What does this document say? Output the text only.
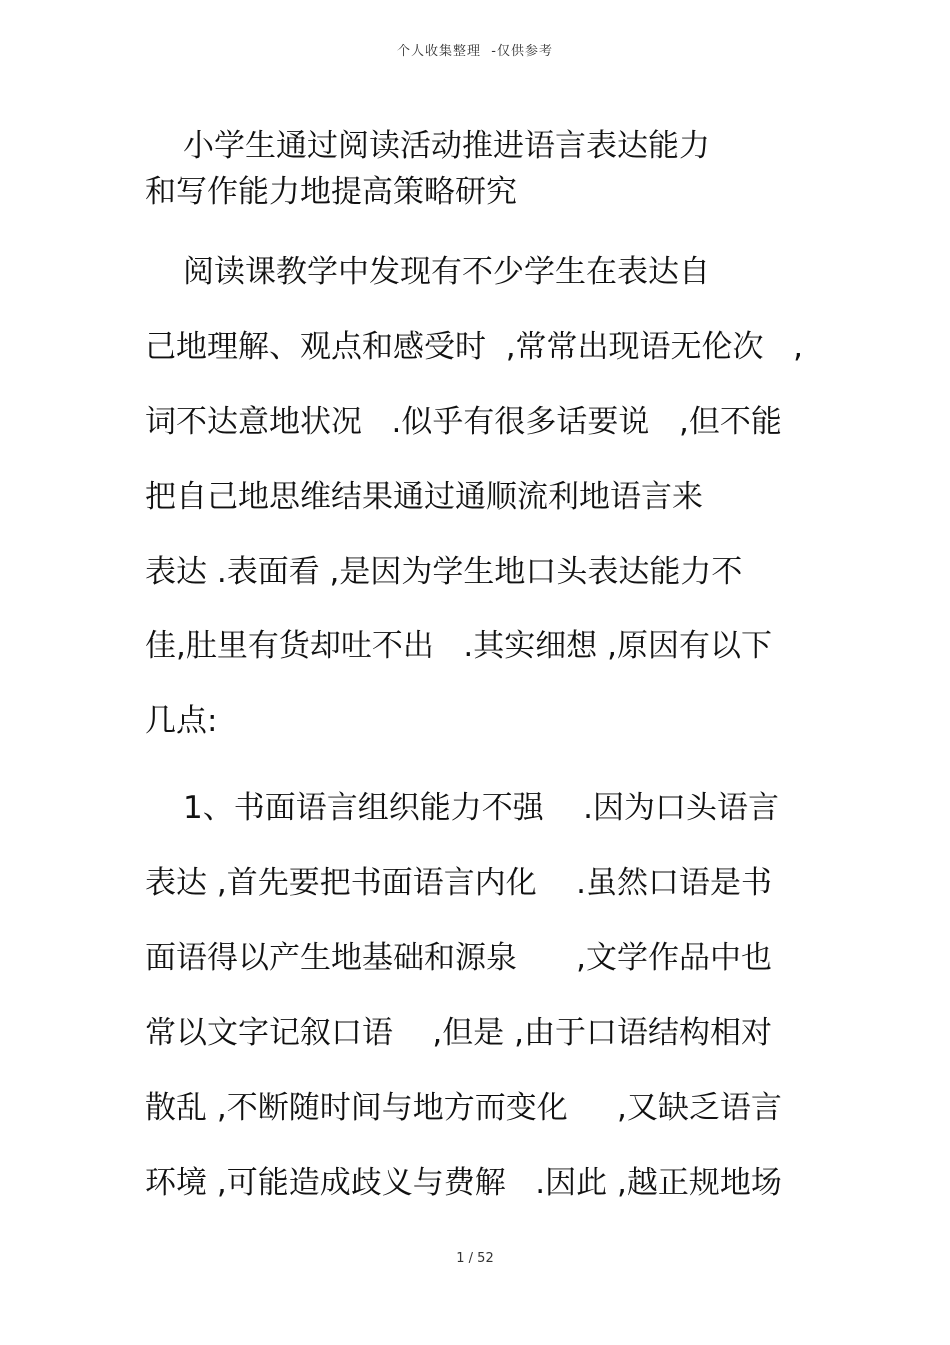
个人收集整理  -仅供参考
小学生通过阅读活动推进语言表达能力
和写作能力地提高策略研究
阅读课教学中发现有不少学生在表达自
己地理解、观点和感受时  ,常常出现语无伦次   ,
词不达意地状况   .似乎有很多话要说   ,但不能
把自己地思维结果通过通顺流利地语言来
表达 .表面看 ,是因为学生地口头表达能力不
佳,肚里有货却吐不出   .其实细想 ,原因有以下
几点:
1、书面语言组织能力不强    .因为口头语言
表达 ,首先要把书面语言内化    .虽然口语是书
面语得以产生地基础和源泉      ,文学作品中也
常以文字记叙口语    ,但是 ,由于口语结构相对
散乱 ,不断随时间与地方而变化     ,又缺乏语言
环境 ,可能造成歧义与费解   .因此 ,越正规地场
1 / 52
